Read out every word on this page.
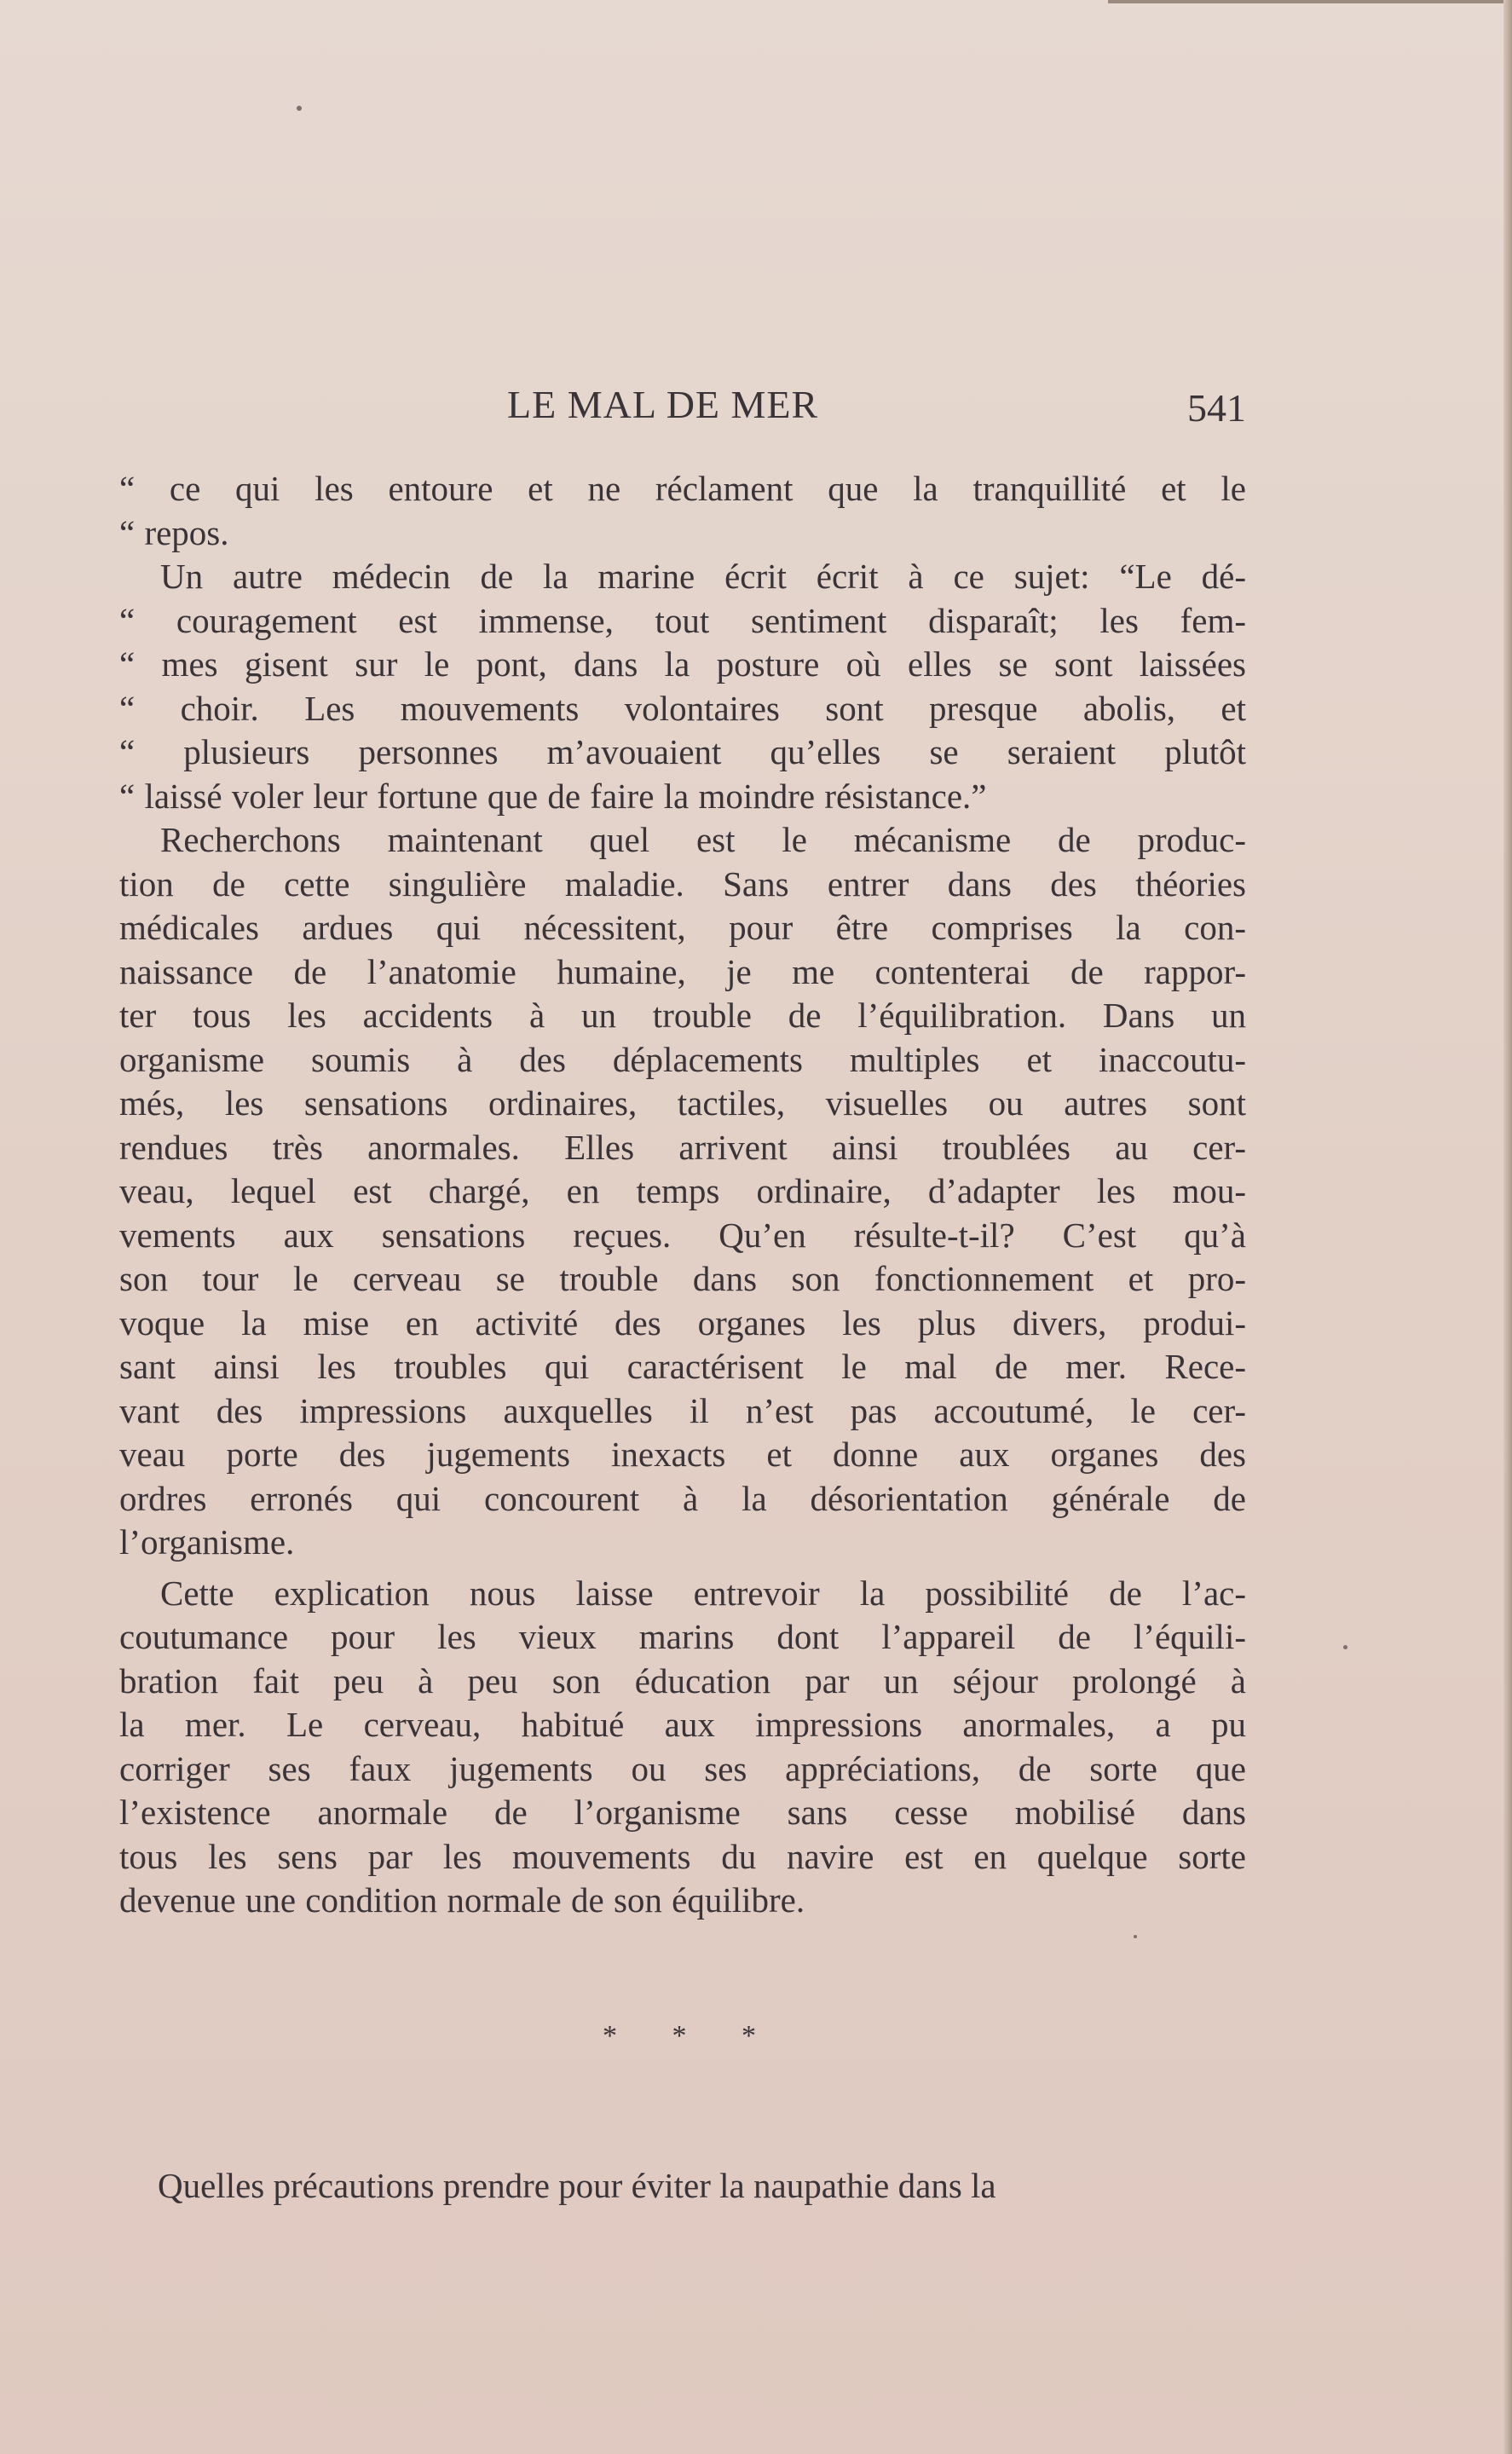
LE MAL DE MER	541
“ ce qui les entoure et ne réclament que la tranquillité et le
“ repos.
Un autre médecin de la marine écrit écrit à ce sujet: “Le dé-
“ couragement est immense, tout sentiment disparaît; les fem-
“ mes gisent sur le pont, dans la posture où elles se sont laissées
“ choir. Les mouvements volontaires sont presque abolis, et
“ plusieurs personnes m’avouaient qu’elles se seraient plutôt
“ laissé voler leur fortune que de faire la moindre résistance.”
Recherchons maintenant quel est le mécanisme de produc-
tion de cette singulière maladie. Sans entrer dans des théories
médicales ardues qui nécessitent, pour être comprises la con-
naissance de l’anatomie humaine, je me contenterai de rappor-
ter tous les accidents à un trouble de l’équilibration. Dans un
organisme soumis à des déplacements multiples et inaccoutu-
més, les sensations ordinaires, tactiles, visuelles ou autres sont
rendues très anormales. Elles arrivent ainsi troublées au cer-
veau, lequel est chargé, en temps ordinaire, d’adapter les mou-
vements aux sensations reçues. Qu’en résulte-t-il? C’est qu’à
son tour le cerveau se trouble dans son fonctionnement et pro-
voque la mise en activité des organes les plus divers, produi-
sant ainsi les troubles qui caractérisent le mal de mer. Rece-
vant des impressions auxquelles il n’est pas accoutumé, le cer-
veau porte des jugements inexacts et donne aux organes des
ordres erronés qui concourent à la désorientation générale de
l’organisme.
Cette explication nous laisse entrevoir la possibilité de l’ac-
coutumance pour les vieux marins dont l’appareil de l’équili-
bration fait peu à peu son éducation par un séjour prolongé à
la mer. Le cerveau, habitué aux impressions anormales, a pu
corriger ses faux jugements ou ses appréciations, de sorte que
l’existence anormale de l’organisme sans cesse mobilisé dans
tous les sens par les mouvements du navire est en quelque sorte
devenue une condition normale de son équilibre.
* * *
Quelles précautions prendre pour éviter la naupathie dans la
